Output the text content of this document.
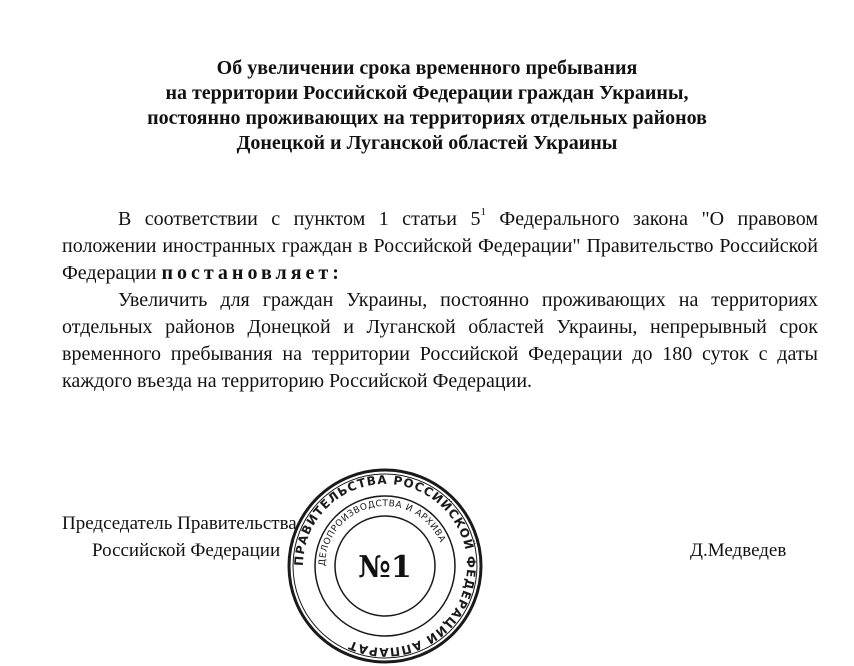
Об увеличении срока временного пребывания
на территории Российской Федерации граждан Украины,
постоянно проживающих на территориях отдельных районов
Донецкой и Луганской областей Украины

В соответствии с пунктом 1 статьи 5$^1$ Федерального закона "О правовом положении иностранных граждан в Российской Федерации" Правительство Российской Федерации постановляет:

Увеличить для граждан Украины, постоянно проживающих на территориях отдельных районов Донецкой и Луганской областей Украины, непрерывный срок временного пребывания на территории Российской Федерации до 180 суток с даты каждого въезда на территорию Российской Федерации.

Председатель Правительства
Российской Федерации	Д.Медведев
ПРАВИТЕЛЬСТВА РОССИЙСКОЙ ФЕДЕРАЦИИ АППАРАТ
ДЕЛОПРОИЗВОДСТВА И АРХИВА
№1
